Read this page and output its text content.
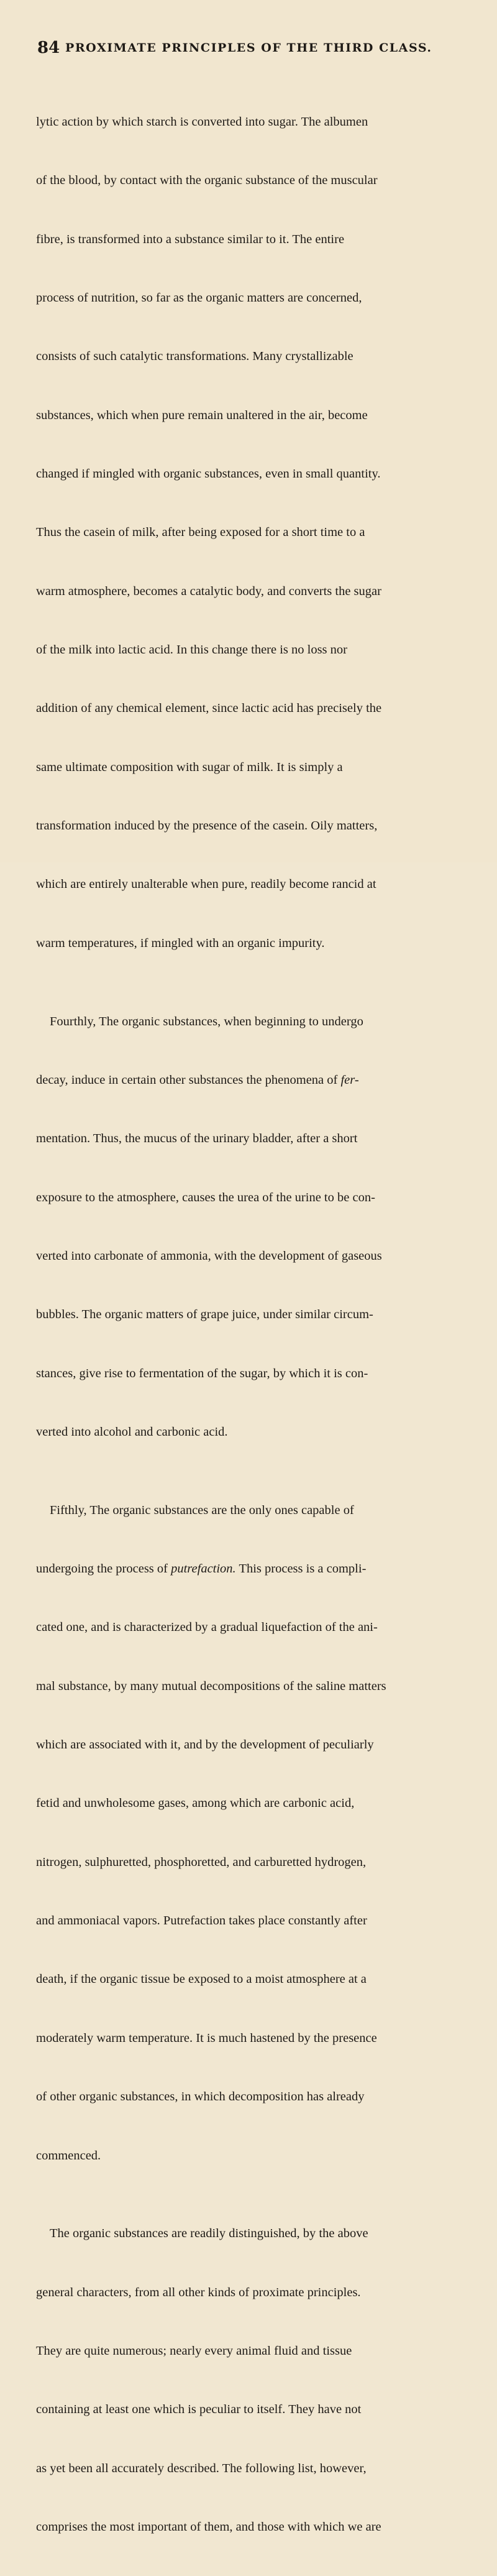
84 PROXIMATE PRINCIPLES OF THE THIRD CLASS.

lytic action by which starch is converted into sugar. The albumen

of the blood, by contact with the organic substance of the muscular

fibre, is transformed into a substance similar to it. The entire

process of nutrition, so far as the organic matters are concerned,

consists of such catalytic transformations. Many crystallizable

substances, which when pure remain unaltered in the air, become

changed if mingled with organic substances, even in small quantity.

Thus the casein of milk, after being exposed for a short time to a

warm atmosphere, becomes a catalytic body, and converts the sugar

of the milk into lactic acid. In this change there is no loss nor

addition of any chemical element, since lactic acid has precisely the

same ultimate composition with sugar of milk. It is simply a

transformation induced by the presence of the casein. Oily matters,

which are entirely unalterable when pure, readily become rancid at

warm temperatures, if mingled with an organic impurity.

Fourthly, The organic substances, when beginning to undergo

decay, induce in certain other substances the phenomena of fer-

mentation. Thus, the mucus of the urinary bladder, after a short

exposure to the atmosphere, causes the urea of the urine to be con-

verted into carbonate of ammonia, with the development of gaseous

bubbles. The organic matters of grape juice, under similar circum-

stances, give rise to fermentation of the sugar, by which it is con-

verted into alcohol and carbonic acid.

Fifthly, The organic substances are the only ones capable of

undergoing the process of putrefaction. This process is a compli-

cated one, and is characterized by a gradual liquefaction of the ani-

mal substance, by many mutual decompositions of the saline matters

which are associated with it, and by the development of peculiarly

fetid and unwholesome gases, among which are carbonic acid,

nitrogen, sulphuretted, phosphoretted, and carburetted hydrogen,

and ammoniacal vapors. Putrefaction takes place constantly after

death, if the organic tissue be exposed to a moist atmosphere at a

moderately warm temperature. It is much hastened by the presence

of other organic substances, in which decomposition has already

commenced.

The organic substances are readily distinguished, by the above

general characters, from all other kinds of proximate principles.

They are quite numerous; nearly every animal fluid and tissue

containing at least one which is peculiar to itself. They have not

as yet been all accurately described. The following list, however,

comprises the most important of them, and those with which we are
